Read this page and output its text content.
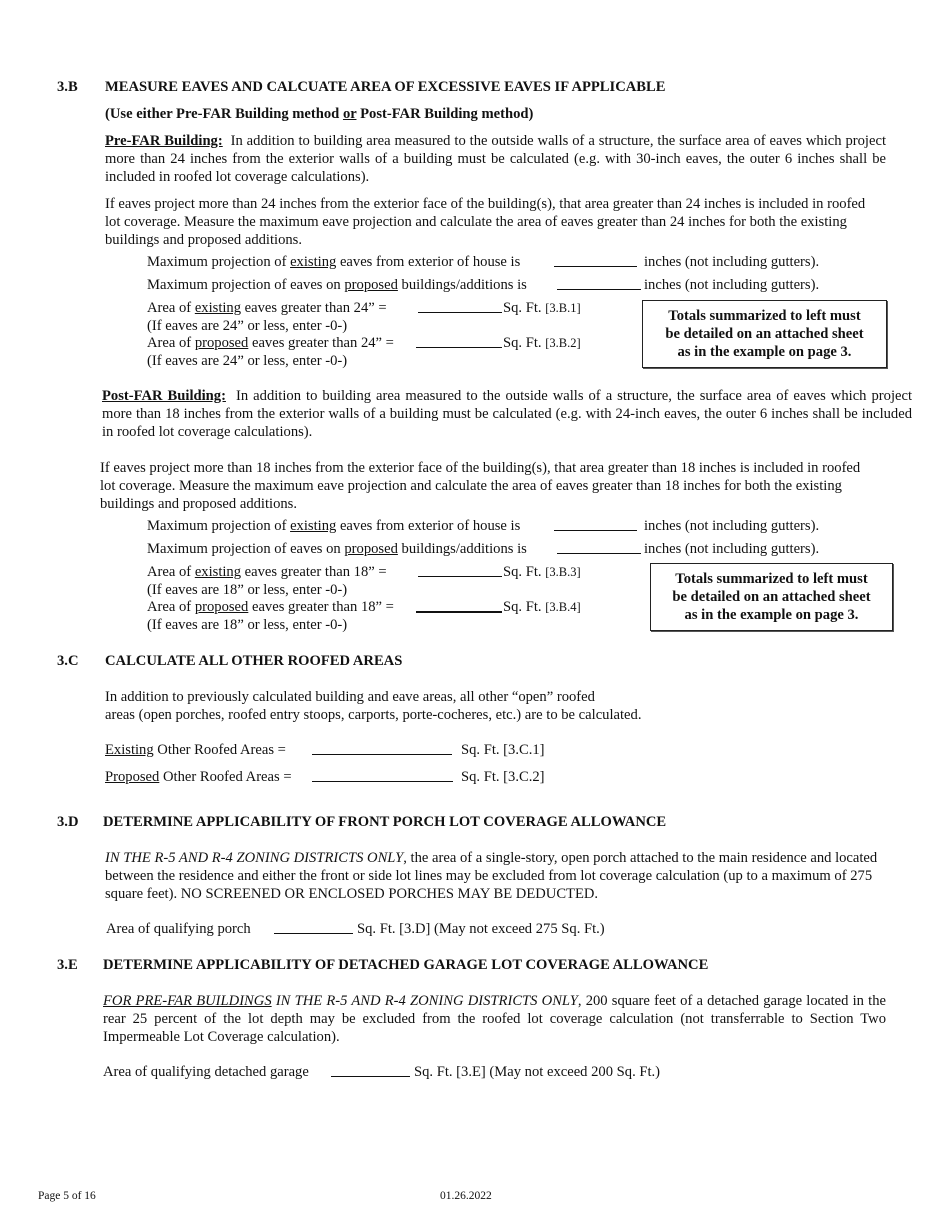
3.B MEASURE EAVES AND CALCUATE AREA OF EXCESSIVE EAVES IF APPLICABLE
(Use either Pre-FAR Building method or Post-FAR Building method)
Pre-FAR Building: In addition to building area measured to the outside walls of a structure, the surface area of eaves which project more than 24 inches from the exterior walls of a building must be calculated (e.g. with 30-inch eaves, the outer 6 inches shall be included in roofed lot coverage calculations).
If eaves project more than 24 inches from the exterior face of the building(s), that area greater than 24 inches is included in roofed lot coverage. Measure the maximum eave projection and calculate the area of eaves greater than 24 inches for both the existing buildings and proposed additions.
Maximum projection of existing eaves from exterior of house is	inches (not including gutters).
Maximum projection of eaves on proposed buildings/additions is	inches (not including gutters).
Area of existing eaves greater than 24” =	Sq. Ft. [3.B.1]
(If eaves are 24” or less, enter -0-)
Area of proposed eaves greater than 24” =	Sq. Ft. [3.B.2]
(If eaves are 24” or less, enter -0-)
Totals summarized to left must
be detailed on an attached sheet
as in the example on page 3.
Post-FAR Building: In addition to building area measured to the outside walls of a structure, the surface area of eaves which project more than 18 inches from the exterior walls of a building must be calculated (e.g. with 24-inch eaves, the outer 6 inches shall be included in roofed lot coverage calculations).
If eaves project more than 18 inches from the exterior face of the building(s), that area greater than 18 inches is included in roofed lot coverage. Measure the maximum eave projection and calculate the area of eaves greater than 18 inches for both the existing buildings and proposed additions.
Maximum projection of existing eaves from exterior of house is	inches (not including gutters).
Maximum projection of eaves on proposed buildings/additions is	inches (not including gutters).
Area of existing eaves greater than 18” =	Sq. Ft. [3.B.3]
(If eaves are 18” or less, enter -0-)
Area of proposed eaves greater than 18” =	Sq. Ft. [3.B.4]
(If eaves are 18” or less, enter -0-)
Totals summarized to left must
be detailed on an attached sheet
as in the example on page 3.
3.C CALCULATE ALL OTHER ROOFED AREAS
In addition to previously calculated building and eave areas, all other “open” roofed
areas (open porches, roofed entry stoops, carports, porte-cocheres, etc.) are to be calculated.
Existing Other Roofed Areas =	Sq. Ft. [3.C.1]
Proposed Other Roofed Areas =	Sq. Ft. [3.C.2]
3.D DETERMINE APPLICABILITY OF FRONT PORCH LOT COVERAGE ALLOWANCE
IN THE R-5 AND R-4 ZONING DISTRICTS ONLY, the area of a single-story, open porch attached to the main residence and located between the residence and either the front or side lot lines may be excluded from lot coverage calculation (up to a maximum of 275 square feet). NO SCREENED OR ENCLOSED PORCHES MAY BE DEDUCTED.
Area of qualifying porch	Sq. Ft. [3.D] (May not exceed 275 Sq. Ft.)
3.E DETERMINE APPLICABILITY OF DETACHED GARAGE LOT COVERAGE ALLOWANCE
FOR PRE-FAR BUILDINGS IN THE R-5 AND R-4 ZONING DISTRICTS ONLY, 200 square feet of a detached garage located in the rear 25 percent of the lot depth may be excluded from the roofed lot coverage calculation (not transferrable to Section Two Impermeable Lot Coverage calculation).
Area of qualifying detached garage	Sq. Ft. [3.E] (May not exceed 200 Sq. Ft.)
Page 5 of 16	01.26.2022
